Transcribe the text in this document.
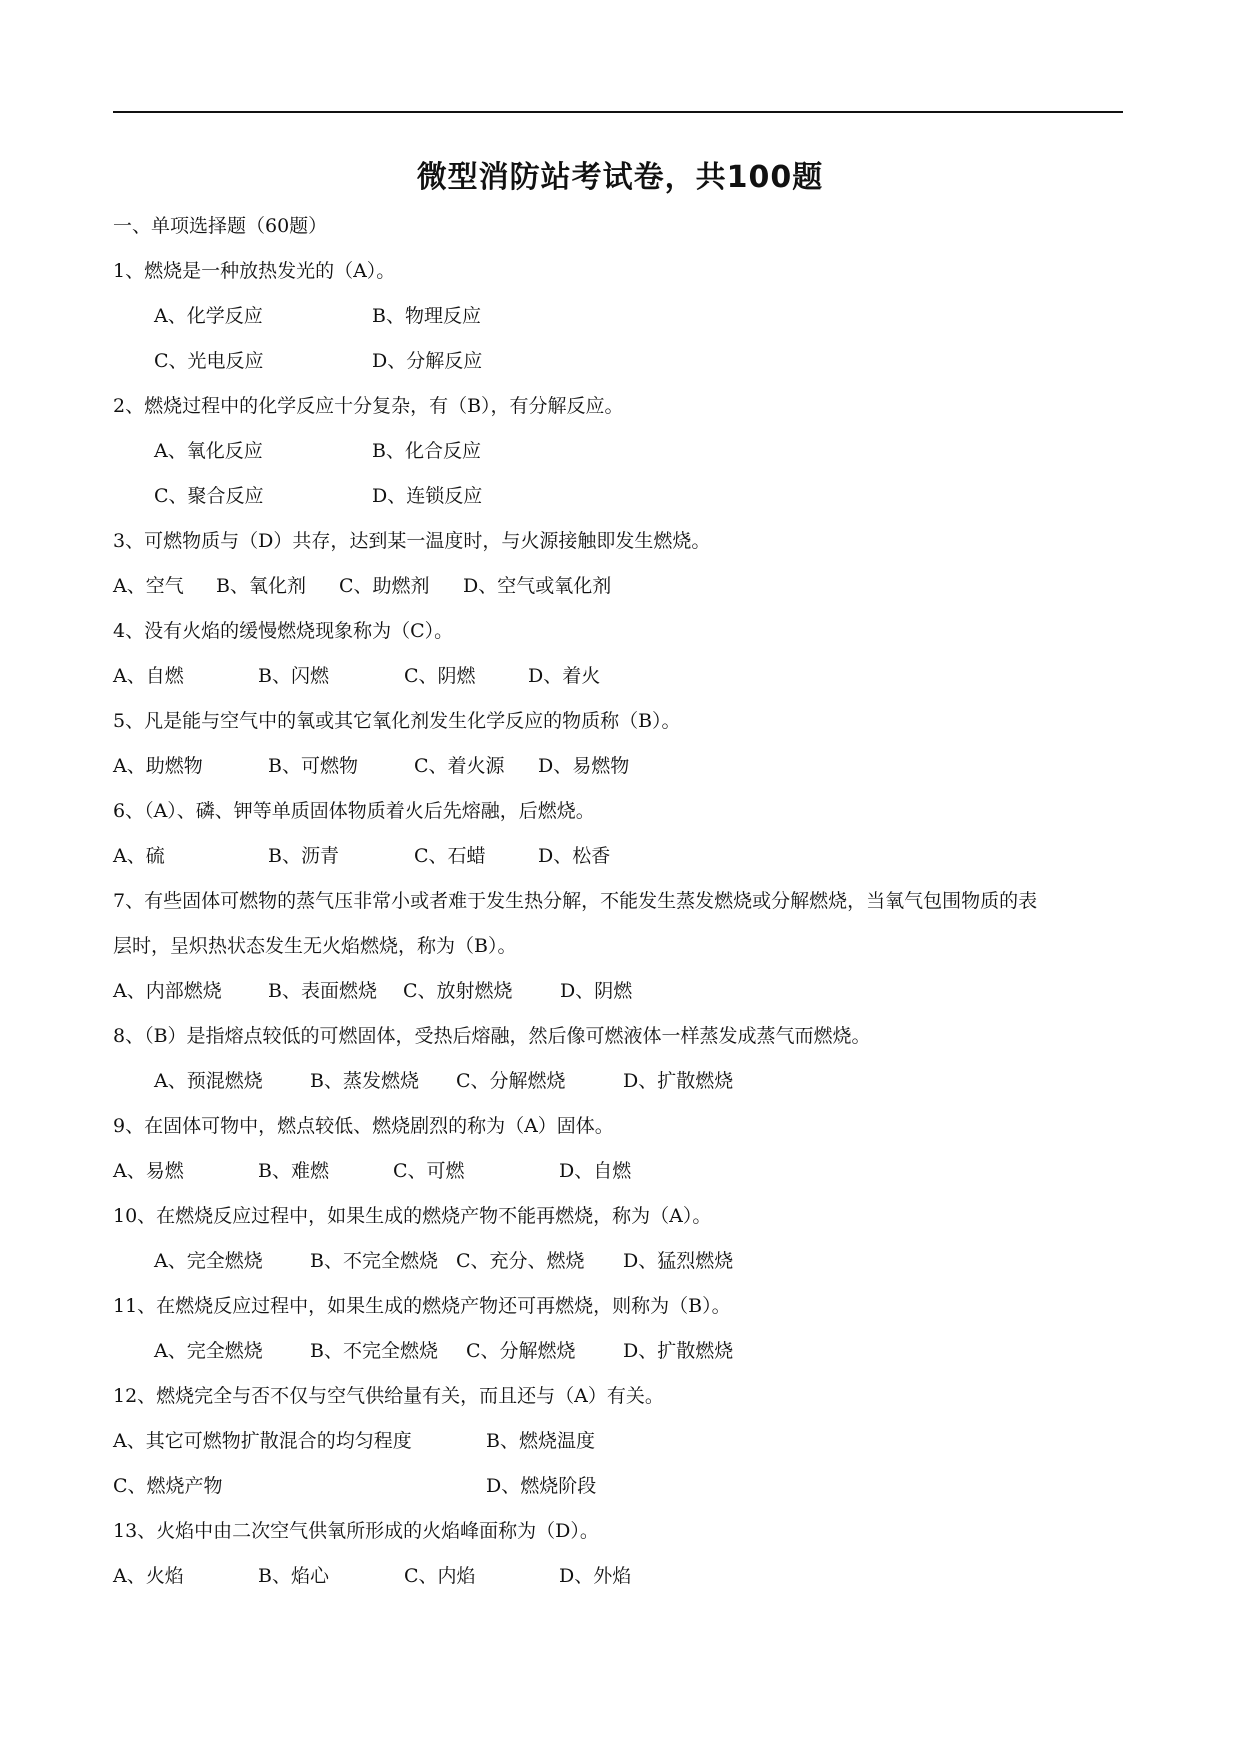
微型消防站考试卷，共100题
一、单项选择题（60题）
1、燃烧是一种放热发光的（A）。
A、化学反应	B、物理反应
C、光电反应	D、分解反应
2、燃烧过程中的化学反应十分复杂，有（B），有分解反应。
A、氧化反应	B、化合反应
C、聚合反应	D、连锁反应
3、可燃物质与（D）共存，达到某一温度时，与火源接触即发生燃烧。
A、空气	B、氧化剂	C、助燃剂	D、空气或氧化剂
4、没有火焰的缓慢燃烧现象称为（C）。
A、自燃	B、闪燃	C、阴燃	D、着火
5、凡是能与空气中的氧或其它氧化剂发生化学反应的物质称（B）。
A、助燃物	B、可燃物	C、着火源	D、易燃物
6、（A）、磷、钾等单质固体物质着火后先熔融，后燃烧。
A、硫	B、沥青	C、石蜡	D、松香
7、有些固体可燃物的蒸气压非常小或者难于发生热分解，不能发生蒸发燃烧或分解燃烧，当氧气包围物质的表
层时，呈炽热状态发生无火焰燃烧，称为（B）。
A、内部燃烧	B、表面燃烧	C、放射燃烧	D、阴燃
8、（B）是指熔点较低的可燃固体，受热后熔融，然后像可燃液体一样蒸发成蒸气而燃烧。
A、预混燃烧	B、蒸发燃烧	C、分解燃烧	D、扩散燃烧
9、在固体可物中，燃点较低、燃烧剧烈的称为（A）固体。
A、易燃	B、难燃	C、可燃	D、自燃
10、在燃烧反应过程中，如果生成的燃烧产物不能再燃烧，称为（A）。
A、完全燃烧	B、不完全燃烧 C、充分、燃烧	D、猛烈燃烧
11、在燃烧反应过程中，如果生成的燃烧产物还可再燃烧，则称为（B）。
A、完全燃烧	B、不完全燃烧	C、分解燃烧	D、扩散燃烧
12、燃烧完全与否不仅与空气供给量有关，而且还与（A）有关。
A、其它可燃物扩散混合的均匀程度	B、燃烧温度
C、燃烧产物	D、燃烧阶段
13、火焰中由二次空气供氧所形成的火焰峰面称为（D）。
A、火焰	B、焰心	C、内焰	D、外焰
